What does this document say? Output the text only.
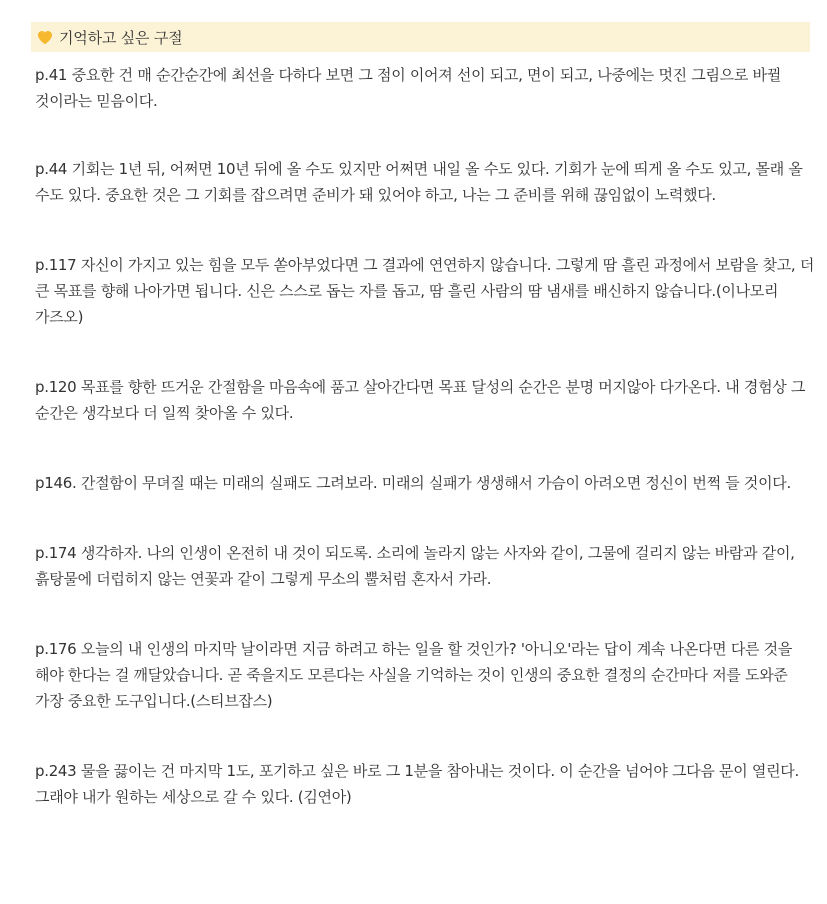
기억하고 싶은 구절
p.41 중요한 건 매 순간순간에 최선을 다하다 보면 그 점이 이어져 선이 되고, 면이 되고, 나중에는 멋진 그림으로 바뀔 것이라는 믿음이다.
p.44 기회는 1년 뒤, 어쩌면 10년 뒤에 올 수도 있지만 어쩌면 내일 올 수도 있다. 기회가 눈에 띄게 올 수도 있고, 몰래 올 수도 있다. 중요한 것은 그 기회를 잡으려면 준비가 돼 있어야 하고, 나는 그 준비를 위해 끊임없이 노력했다.
p.117 자신이 가지고 있는 힘을 모두 쏟아부었다면 그 결과에 연연하지 않습니다. 그렇게 땀 흘린 과정에서 보람을 찾고, 더 큰 목표를 향해 나아가면 됩니다. 신은 스스로 돕는 자를 돕고, 땀 흘린 사람의 땀 냄새를 배신하지 않습니다.(이나모리 가즈오)
p.120 목표를 향한 뜨거운 간절함을 마음속에 품고 살아간다면 목표 달성의 순간은 분명 머지않아 다가온다. 내 경험상 그 순간은 생각보다 더 일찍 찾아올 수 있다.
p146. 간절함이 무뎌질 때는 미래의 실패도 그려보라. 미래의 실패가 생생해서 가슴이 아려오면 정신이 번쩍 들 것이다.
p.174 생각하자. 나의 인생이 온전히 내 것이 되도록. 소리에 놀라지 않는 사자와 같이, 그물에 걸리지 않는 바람과 같이, 흙탕물에 더럽히지 않는 연꽃과 같이 그렇게 무소의 뿔처럼 혼자서 가라.
p.176 오늘의 내 인생의 마지막 날이라면 지금 하려고 하는 일을 할 것인가? '아니오'라는 답이 계속 나온다면 다른 것을 해야 한다는 걸 깨달았습니다. 곧 죽을지도 모른다는 사실을 기억하는 것이 인생의 중요한 결정의 순간마다 저를 도와준 가장 중요한 도구입니다.(스티브잡스)
p.243 물을 끓이는 건 마지막 1도, 포기하고 싶은 바로 그 1분을 참아내는 것이다. 이 순간을 넘어야 그다음 문이 열린다. 그래야 내가 원하는 세상으로 갈 수 있다. (김연아)
